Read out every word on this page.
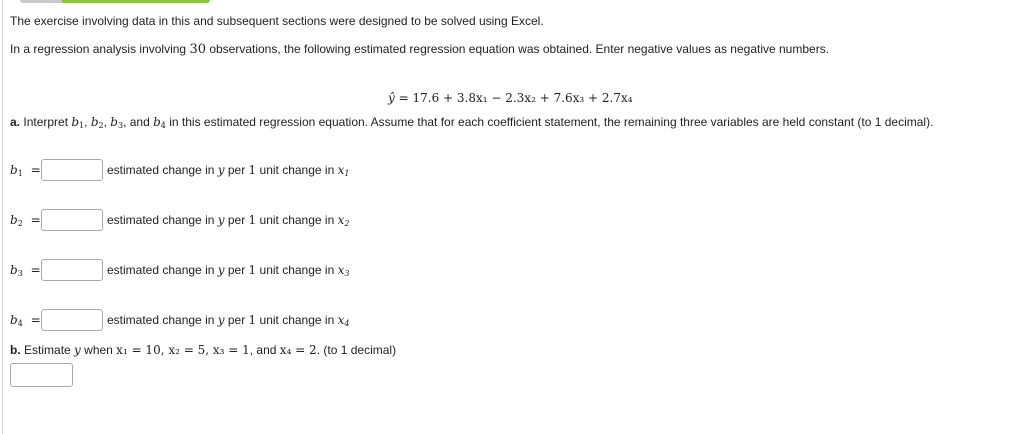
The exercise involving data in this and subsequent sections were designed to be solved using Excel.
In a regression analysis involving 30 observations, the following estimated regression equation was obtained. Enter negative values as negative numbers.
ŷ = 17.6 + 3.8x₁ − 2.3x₂ + 7.6x₃ + 2.7x₄
a. Interpret $b_1$, $b_2$, $b_3$, and $b_4$ in this estimated regression equation. Assume that for each coefficient statement, the remaining three variables are held constant (to 1 decimal).
$b_1$ =	estimated change in y per 1 unit change in $x_1$
$b_2$ =	estimated change in y per 1 unit change in $x_2$
$b_3$ =	estimated change in y per 1 unit change in $x_3$
$b_4$ =	estimated change in y per 1 unit change in $x_4$
b. Estimate y when x₁ = 10, x₂ = 5, x₃ = 1, and x₄ = 2. (to 1 decimal)
